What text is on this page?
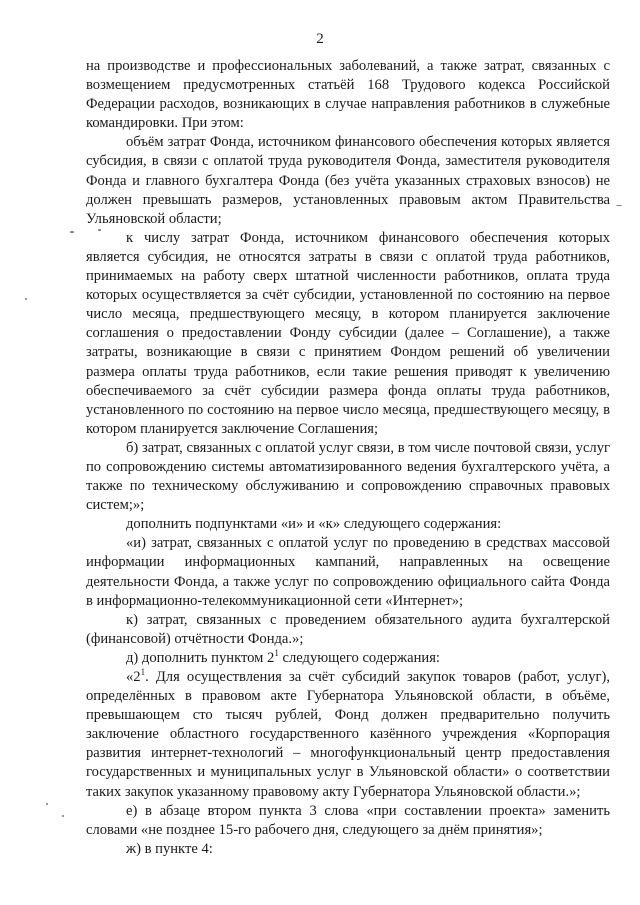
2

на производстве и профессиональных заболеваний, а также затрат, связанных с возмещением предусмотренных статьёй 168 Трудового кодекса Российской Федерации расходов, возникающих в случае направления работников в служебные командировки. При этом:

объём затрат Фонда, источником финансового обеспечения которых является субсидия, в связи с оплатой труда руководителя Фонда, заместителя руководителя Фонда и главного бухгалтера Фонда (без учёта указанных страховых взносов) не должен превышать размеров, установленных правовым актом Правительства Ульяновской области;

к числу затрат Фонда, источником финансового обеспечения которых является субсидия, не относятся затраты в связи с оплатой труда работников, принимаемых на работу сверх штатной численности работников, оплата труда которых осуществляется за счёт субсидии, установленной по состоянию на первое число месяца, предшествующего месяцу, в котором планируется заключение соглашения о предоставлении Фонду субсидии (далее – Соглашение), а также затраты, возникающие в связи с принятием Фондом решений об увеличении размера оплаты труда работников, если такие решения приводят к увеличению обеспечиваемого за счёт субсидии размера фонда оплаты труда работников, установленного по состоянию на первое число месяца, предшествующего месяцу, в котором планируется заключение Соглашения;

б) затрат, связанных с оплатой услуг связи, в том числе почтовой связи, услуг по сопровождению системы автоматизированного ведения бухгалтерского учёта, а также по техническому обслуживанию и сопровождению справочных правовых систем;»;

дополнить подпунктами «и» и «к» следующего содержания:

«и) затрат, связанных с оплатой услуг по проведению в средствах массовой информации информационных кампаний, направленных на освещение деятельности Фонда, а также услуг по сопровождению официального сайта Фонда в информационно-телекоммуникационной сети «Интернет»;

к) затрат, связанных с проведением обязательного аудита бухгалтерской (финансовой) отчётности Фонда.»;

д) дополнить пунктом $2^1$ следующего содержания:

«$2^1$. Для осуществления за счёт субсидий закупок товаров (работ, услуг), определённых в правовом акте Губернатора Ульяновской области, в объёме, превышающем сто тысяч рублей, Фонд должен предварительно получить заключение областного государственного казённого учреждения «Корпорация развития интернет-технологий – многофункциональный центр предоставления государственных и муниципальных услуг в Ульяновской области» о соответствии таких закупок указанному правовому акту Губернатора Ульяновской области.»;

е) в абзаце втором пункта 3 слова «при составлении проекта» заменить словами «не позднее 15-го рабочего дня, следующего за днём принятия»;

ж) в пункте 4:
